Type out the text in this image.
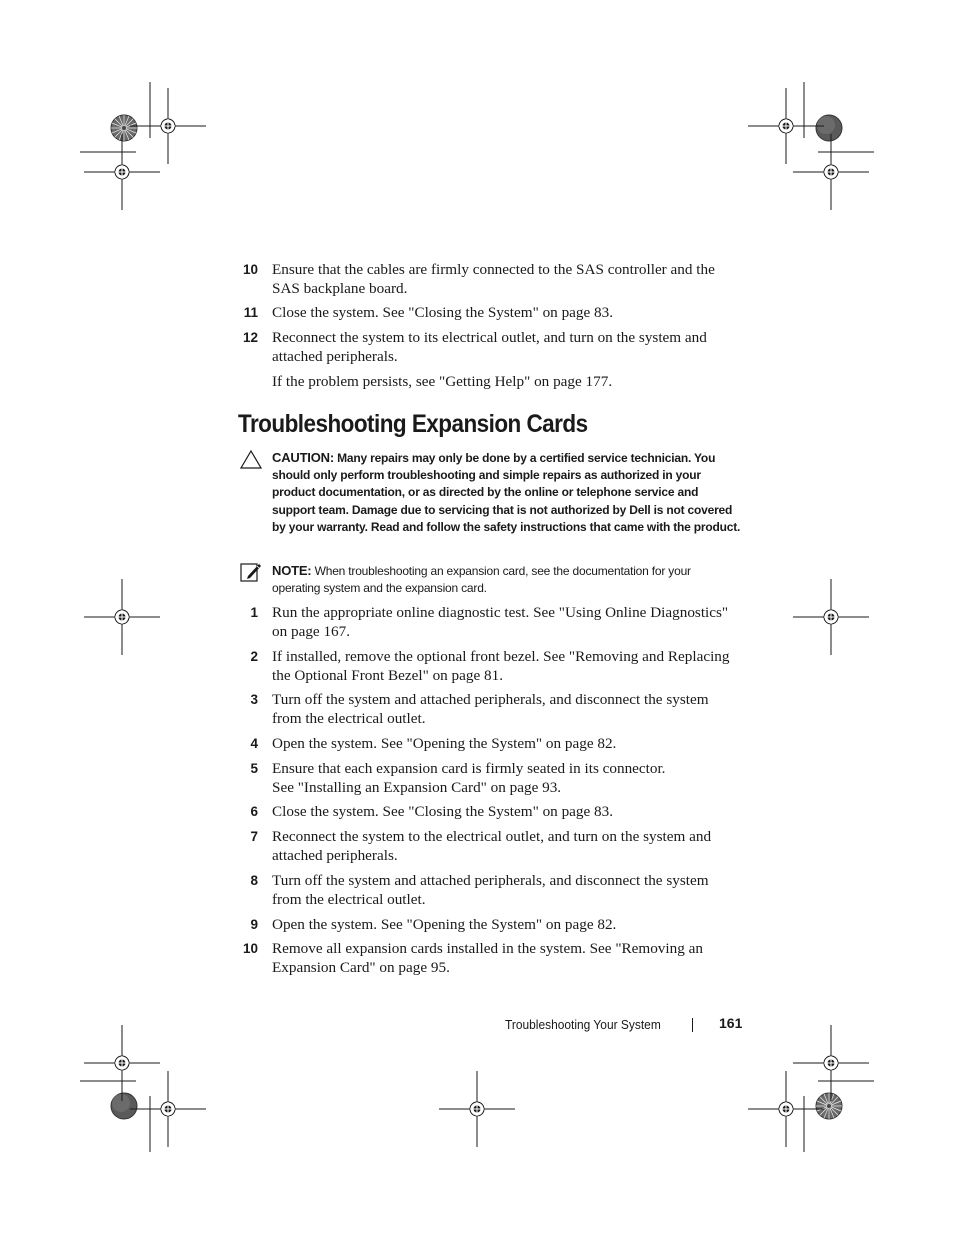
10 Ensure that the cables are firmly connected to the SAS controller and the SAS backplane board.
11 Close the system. See "Closing the System" on page 83.
12 Reconnect the system to its electrical outlet, and turn on the system and attached peripherals.
If the problem persists, see "Getting Help" on page 177.
Troubleshooting Expansion Cards
CAUTION: Many repairs may only be done by a certified service technician. You should only perform troubleshooting and simple repairs as authorized in your product documentation, or as directed by the online or telephone service and support team. Damage due to servicing that is not authorized by Dell is not covered by your warranty. Read and follow the safety instructions that came with the product.
NOTE: When troubleshooting an expansion card, see the documentation for your operating system and the expansion card.
1 Run the appropriate online diagnostic test. See "Using Online Diagnostics" on page 167.
2 If installed, remove the optional front bezel. See "Removing and Replacing the Optional Front Bezel" on page 81.
3 Turn off the system and attached peripherals, and disconnect the system from the electrical outlet.
4 Open the system. See "Opening the System" on page 82.
5 Ensure that each expansion card is firmly seated in its connector.
See "Installing an Expansion Card" on page 93.
6 Close the system. See "Closing the System" on page 83.
7 Reconnect the system to the electrical outlet, and turn on the system and attached peripherals.
8 Turn off the system and attached peripherals, and disconnect the system from the electrical outlet.
9 Open the system. See "Opening the System" on page 82.
10 Remove all expansion cards installed in the system. See "Removing an Expansion Card" on page 95.
Troubleshooting Your System	161
